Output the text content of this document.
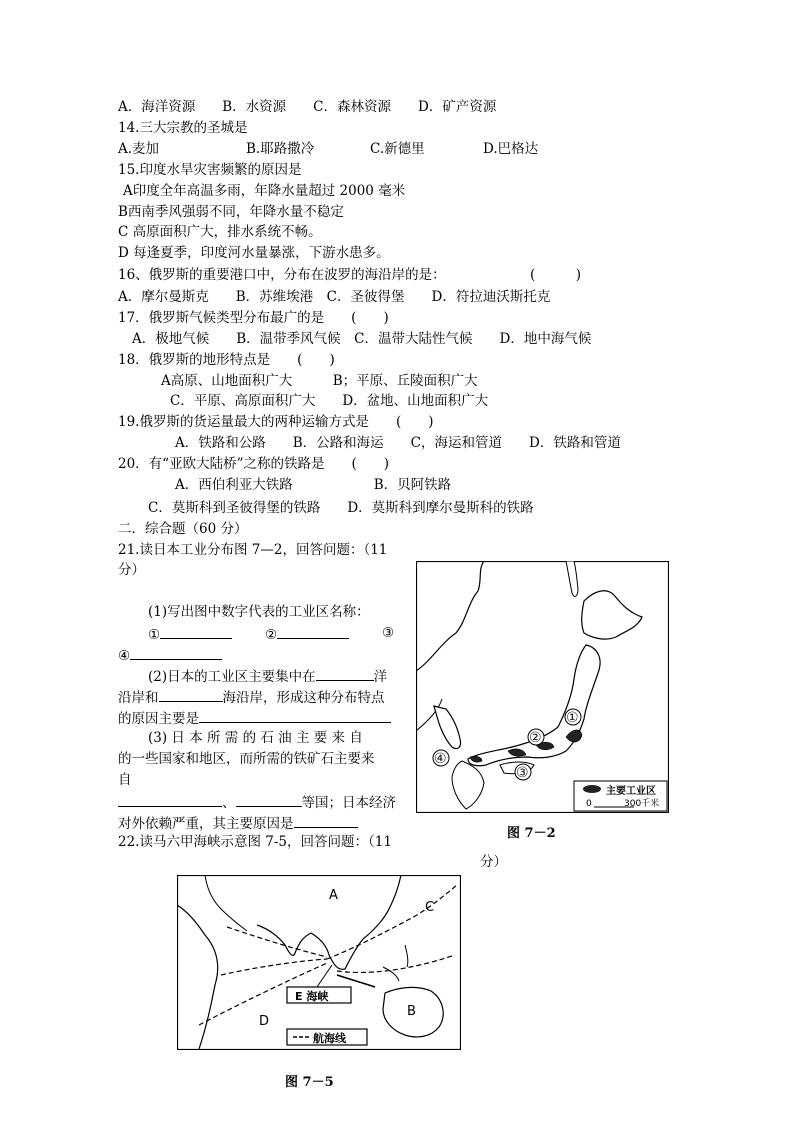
A．海洋资源　　B．水资源　　C．森林资源　　D．矿产资源
14.三大宗教的圣城是
A.麦加	B.耶路撒冷	C.新德里	D.巴格达
15.印度水旱灾害频繁的原因是
A印度全年高温多雨，年降水量超过 2000 毫米
B西南季风强弱不同，年降水量不稳定
C 高原面积广大，排水系统不畅。
D 每逢夏季，印度河水量暴涨，下游水患多。
16、俄罗斯的重要港口中，分布在波罗的海沿岸的是：	(　　　)
A．摩尔曼斯克　　B．苏维埃港　C．圣彼得堡　　D．符拉迪沃斯托克
17．俄罗斯气候类型分布最广的是　　(　　)
A．极地气候　　B．温带季风气候　C．温带大陆性气候　　D．地中海气候
18．俄罗斯的地形特点是　　(　　)
A高原、山地面积广大　　　B；平原、丘陵面积广大
C．平原、高原面积广大　　D．盆地、山地面积广大
19.俄罗斯的货运量最大的两种运输方式是　　(　　)
A．铁路和公路　　B．公路和海运　　C，海运和管道　　D．铁路和管道
20．有“亚欧大陆桥”之称的铁路是　　(　　)
A．西伯利亚大铁路　　　　　　B．贝阿铁路
C．莫斯科到圣彼得堡的铁路　　D．莫斯科到摩尔曼斯科的铁路
二．综合题（60 分）
21.读日本工业分布图 7—2，回答问题：（11
分）
(1)写出图中数字代表的工业区名称：
①	②	③
④
(2)日本的工业区主要集中在	洋
沿岸和	海沿岸，形成这种分布特点
的原因主要是
(3) 日 本 所 需 的 石 油 主 要 来 自
的一些国家和地区，而所需的铁矿石主要来
自
、	等国；日本经济
对外依赖严重，其主要原因是
22.读马六甲海峡示意图 7-5，回答问题：（11
分）
①
②
③
④
主要工业区
0	300千米
图 7－2
A
B
C
D
E 海峡
航海线
图 7－5
